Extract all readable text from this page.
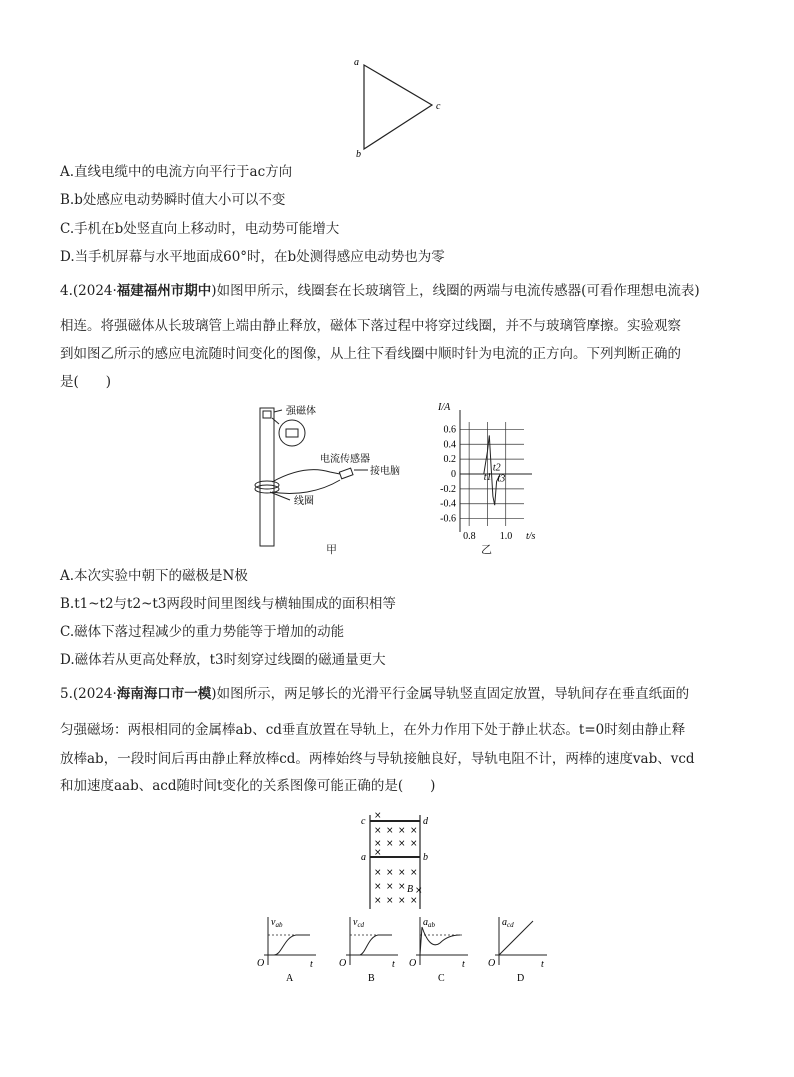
a
c
b
A.直线电缆中的电流方向平行于ac方向
B.b处感应电动势瞬时值大小可以不变
C.手机在b处竖直向上移动时，电动势可能增大
D.当手机屏幕与水平地面成60°时，在b处测得感应电动势也为零
4.(2024·福建福州市期中)如图甲所示，线圈套在长玻璃管上，线圈的两端与电流传感器(可看作理想电流表)
相连。将强磁体从长玻璃管上端由静止释放，磁体下落过程中将穿过线圈，并不与玻璃管摩擦。实验观察
到如图乙所示的感应电流随时间变化的图像，从上往下看线圈中顺时针为电流的正方向。下列判断正确的
是(　　)
强磁体
电流传感器
接电脑
线圈
甲
0.6
0.4
0.2
0
-0.2
-0.4
-0.6
I/A
t/s
0.8 1.0
t1
t2
t3
乙
A.本次实验中朝下的磁极是N极
B.t1~t2与t2~t3两段时间里图线与横轴围成的面积相等
C.磁体下落过程减少的重力势能等于增加的动能
D.磁体若从更高处释放，t3时刻穿过线圈的磁通量更大
5.(2024·海南海口市一模)如图所示，两足够长的光滑平行金属导轨竖直固定放置，导轨间存在垂直纸面的
匀强磁场：两根相同的金属棒ab、cd垂直放置在导轨上，在外力作用下处于静止状态。t=0时刻由静止释
放棒ab，一段时间后再由静止释放棒cd。两棒始终与导轨接触良好，导轨电阻不计，两棒的速度vab、vcd
和加速度aab、acd随时间t变化的关系图像可能正确的是(　　)
c	d
a	b
B
× × × ×
× × × ×
× × × ×
× × ×
× × × ×
×
×
×
$v_{ab}$
O	t
A
$v_{cd}$
O	t
B
$a_{ab}$
O	t
C
$a_{cd}$
O	t
D
